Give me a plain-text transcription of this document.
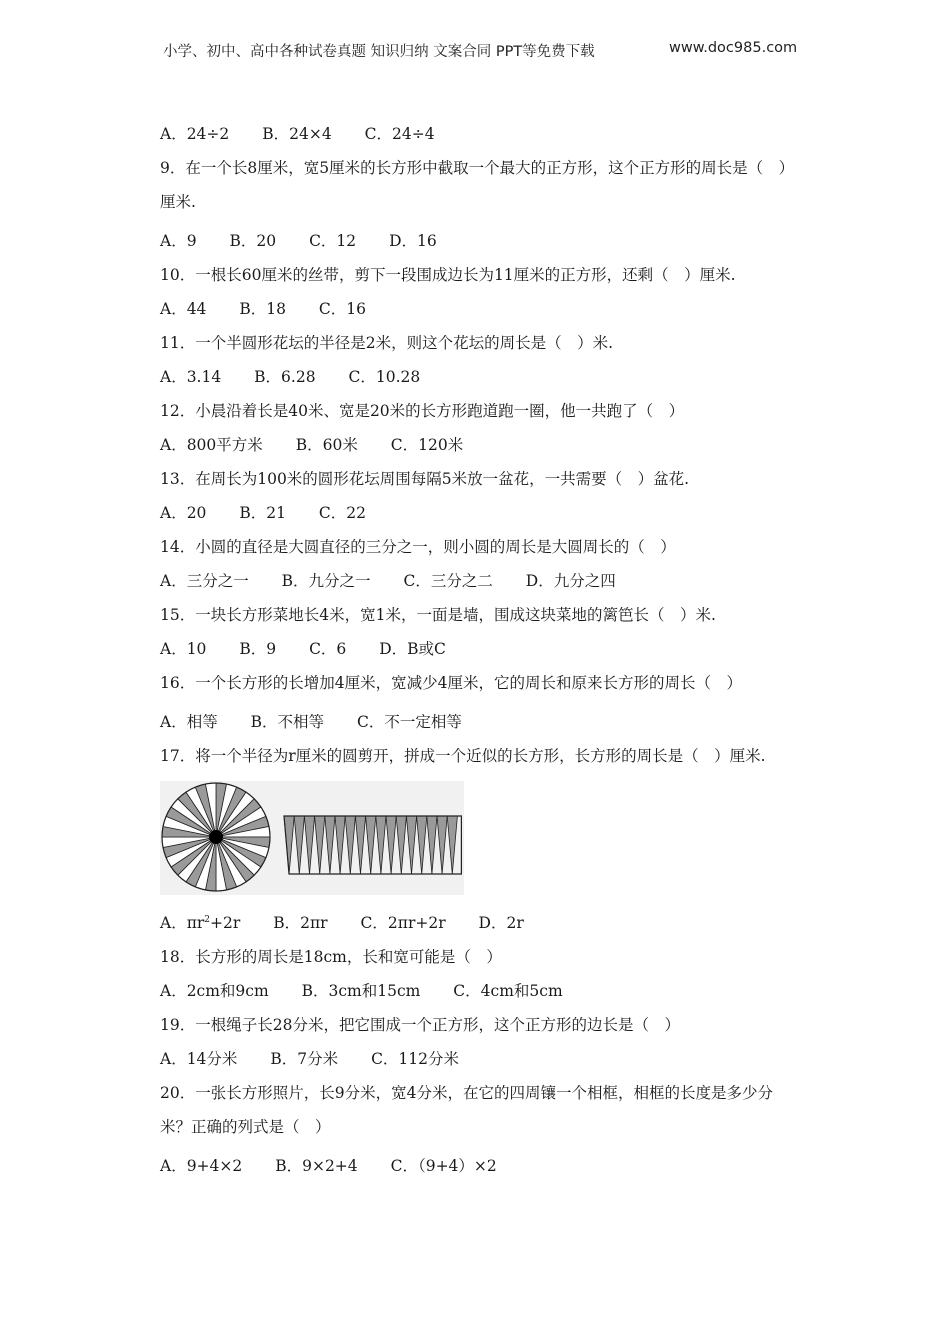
小学、初中、高中各种试卷真题 知识归纳 文案合同 PPT等免费下载	www.doc985.com
A．24÷2 B．24×4 C．24÷4
9．在一个长8厘米，宽5厘米的长方形中截取一个最大的正方形，这个正方形的周长是（　）厘米.
A．9 B．20 C．12 D．16
10．一根长60厘米的丝带，剪下一段围成边长为11厘米的正方形，还剩（　）厘米.
A．44 B．18 C．16
11．一个半圆形花坛的半径是2米，则这个花坛的周长是（　）米.
A．3.14 B．6.28 C．10.28
12．小晨沿着长是40米、宽是20米的长方形跑道跑一圈，他一共跑了（　）
A．800平方米 B．60米 C．120米
13．在周长为100米的圆形花坛周围每隔5米放一盆花，一共需要（　）盆花.
A．20 B．21 C．22
14．小圆的直径是大圆直径的三分之一，则小圆的周长是大圆周长的（　）
A．三分之一 B．九分之一 C．三分之二 D．九分之四
15．一块长方形菜地长4米，宽1米，一面是墙，围成这块菜地的篱笆长（　）米.
A．10 B．9 C．6 D．B或C
16．一个长方形的长增加4厘米，宽减少4厘米，它的周长和原来长方形的周长（　）
A．相等 B．不相等 C．不一定相等
17．将一个半径为r厘米的圆剪开，拼成一个近似的长方形，长方形的周长是（　）厘米.
A．$\pi r^2+2r$ B．2πr C．2πr+2r D．2r
18．长方形的周长是18cm，长和宽可能是（　）
A．2cm和9cm B．3cm和15cm C．4cm和5cm
19．一根绳子长28分米，把它围成一个正方形，这个正方形的边长是（　）
A．14分米 B．7分米 C．112分米
20．一张长方形照片，长9分米，宽4分米，在它的四周镶一个相框，相框的长度是多少分米？正确的列式是（　）
A．9+4×2 B．9×2+4 C．（9+4）×2
